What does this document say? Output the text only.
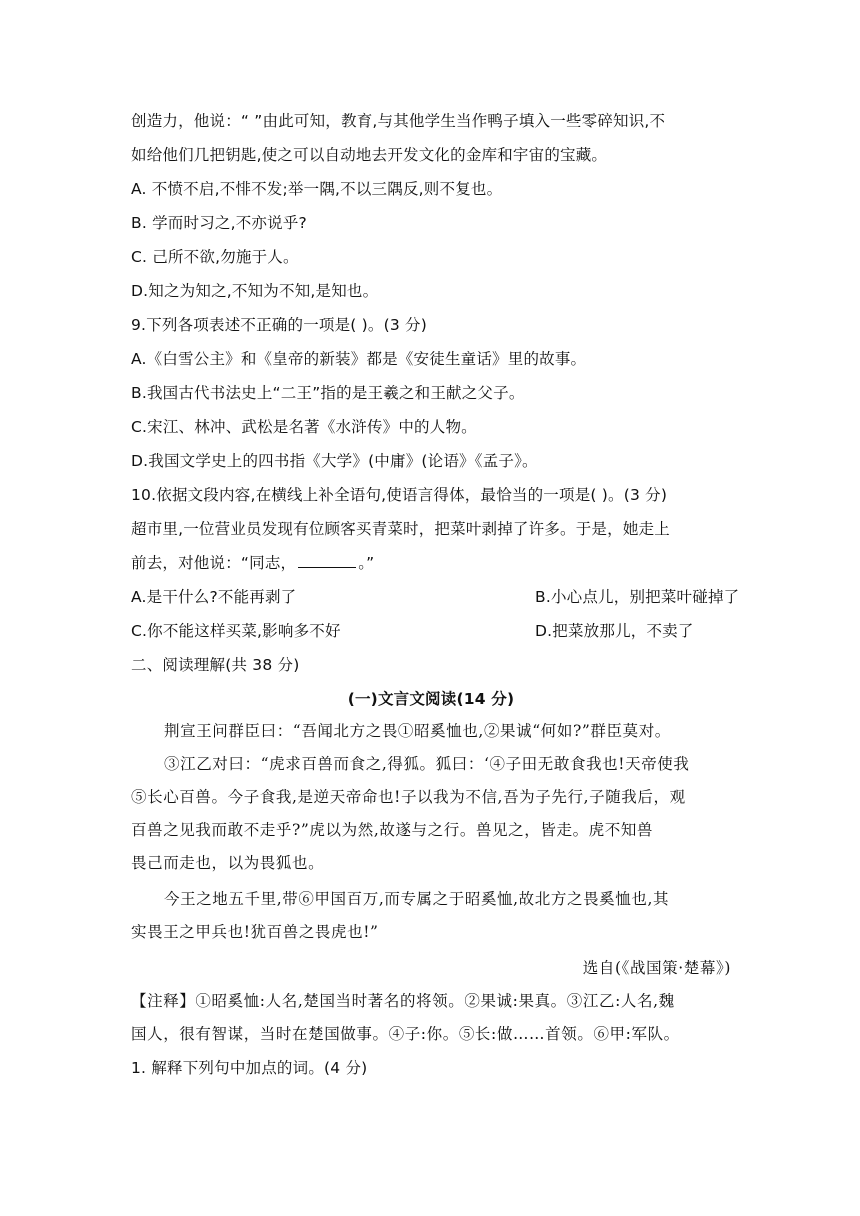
创造力，他说：“ ”由此可知，教育,与其他学生当作鸭子填入一些零碎知识,不
如给他们几把钥匙,使之可以自动地去开发文化的金库和宇宙的宝藏。
A. 不愤不启,不悱不发;举一隅,不以三隅反,则不复也。
B. 学而时习之,不亦说乎?
C. 己所不欲,勿施于人。
D.知之为知之,不知为不知,是知也。
9.下列各项表述不正确的一项是( )。(3 分)
A.《白雪公主》和《皇帝的新装》都是《安徒生童话》里的故事。
B.我国古代书法史上“二王”指的是王羲之和王献之父子。
C.宋江、林冲、武松是名著《水浒传》中的人物。
D.我国文学史上的四书指《大学》(中庸》(论语》《孟子》。
10.依据文段内容,在横线上补全语句,使语言得体，最恰当的一项是( )。(3 分)
超市里,一位营业员发现有位顾客买青菜时，把菜叶剥掉了许多。于是，她走上
前去，对他说：“同志，	。”
A.是干什么?不能再剥了	B.小心点儿，别把菜叶碰掉了
C.你不能这样买菜,影响多不好	D.把菜放那儿，不卖了
二、阅读理解(共 38 分)
(一)文言文阅读(14 分)
荆宣王问群臣曰：“吾闻北方之畏①昭奚恤也,②果诚“何如?”群臣莫对。
③江乙对曰：“虎求百兽而食之,得狐。狐曰：‘④子田无敢食我也!天帝使我
⑤长心百兽。今子食我,是逆天帝命也!子以我为不信,吾为子先行,子随我后，观
百兽之见我而敢不走乎?”虎以为然,故遂与之行。兽见之，皆走。虎不知兽
畏己而走也，以为畏狐也。
今王之地五千里,带⑥甲国百万,而专属之于昭奚恤,故北方之畏奚恤也,其
实畏王之甲兵也!犹百兽之畏虎也!”
选自(《战国策·楚幕》)
【注释】①昭奚恤:人名,楚国当时著名的将领。②果诚:果真。③江乙:人名,魏
国人，很有智谋，当时在楚国做事。④子:你。⑤长:做……首领。⑥甲:军队。
1. 解释下列句中加点的词。(4 分)
